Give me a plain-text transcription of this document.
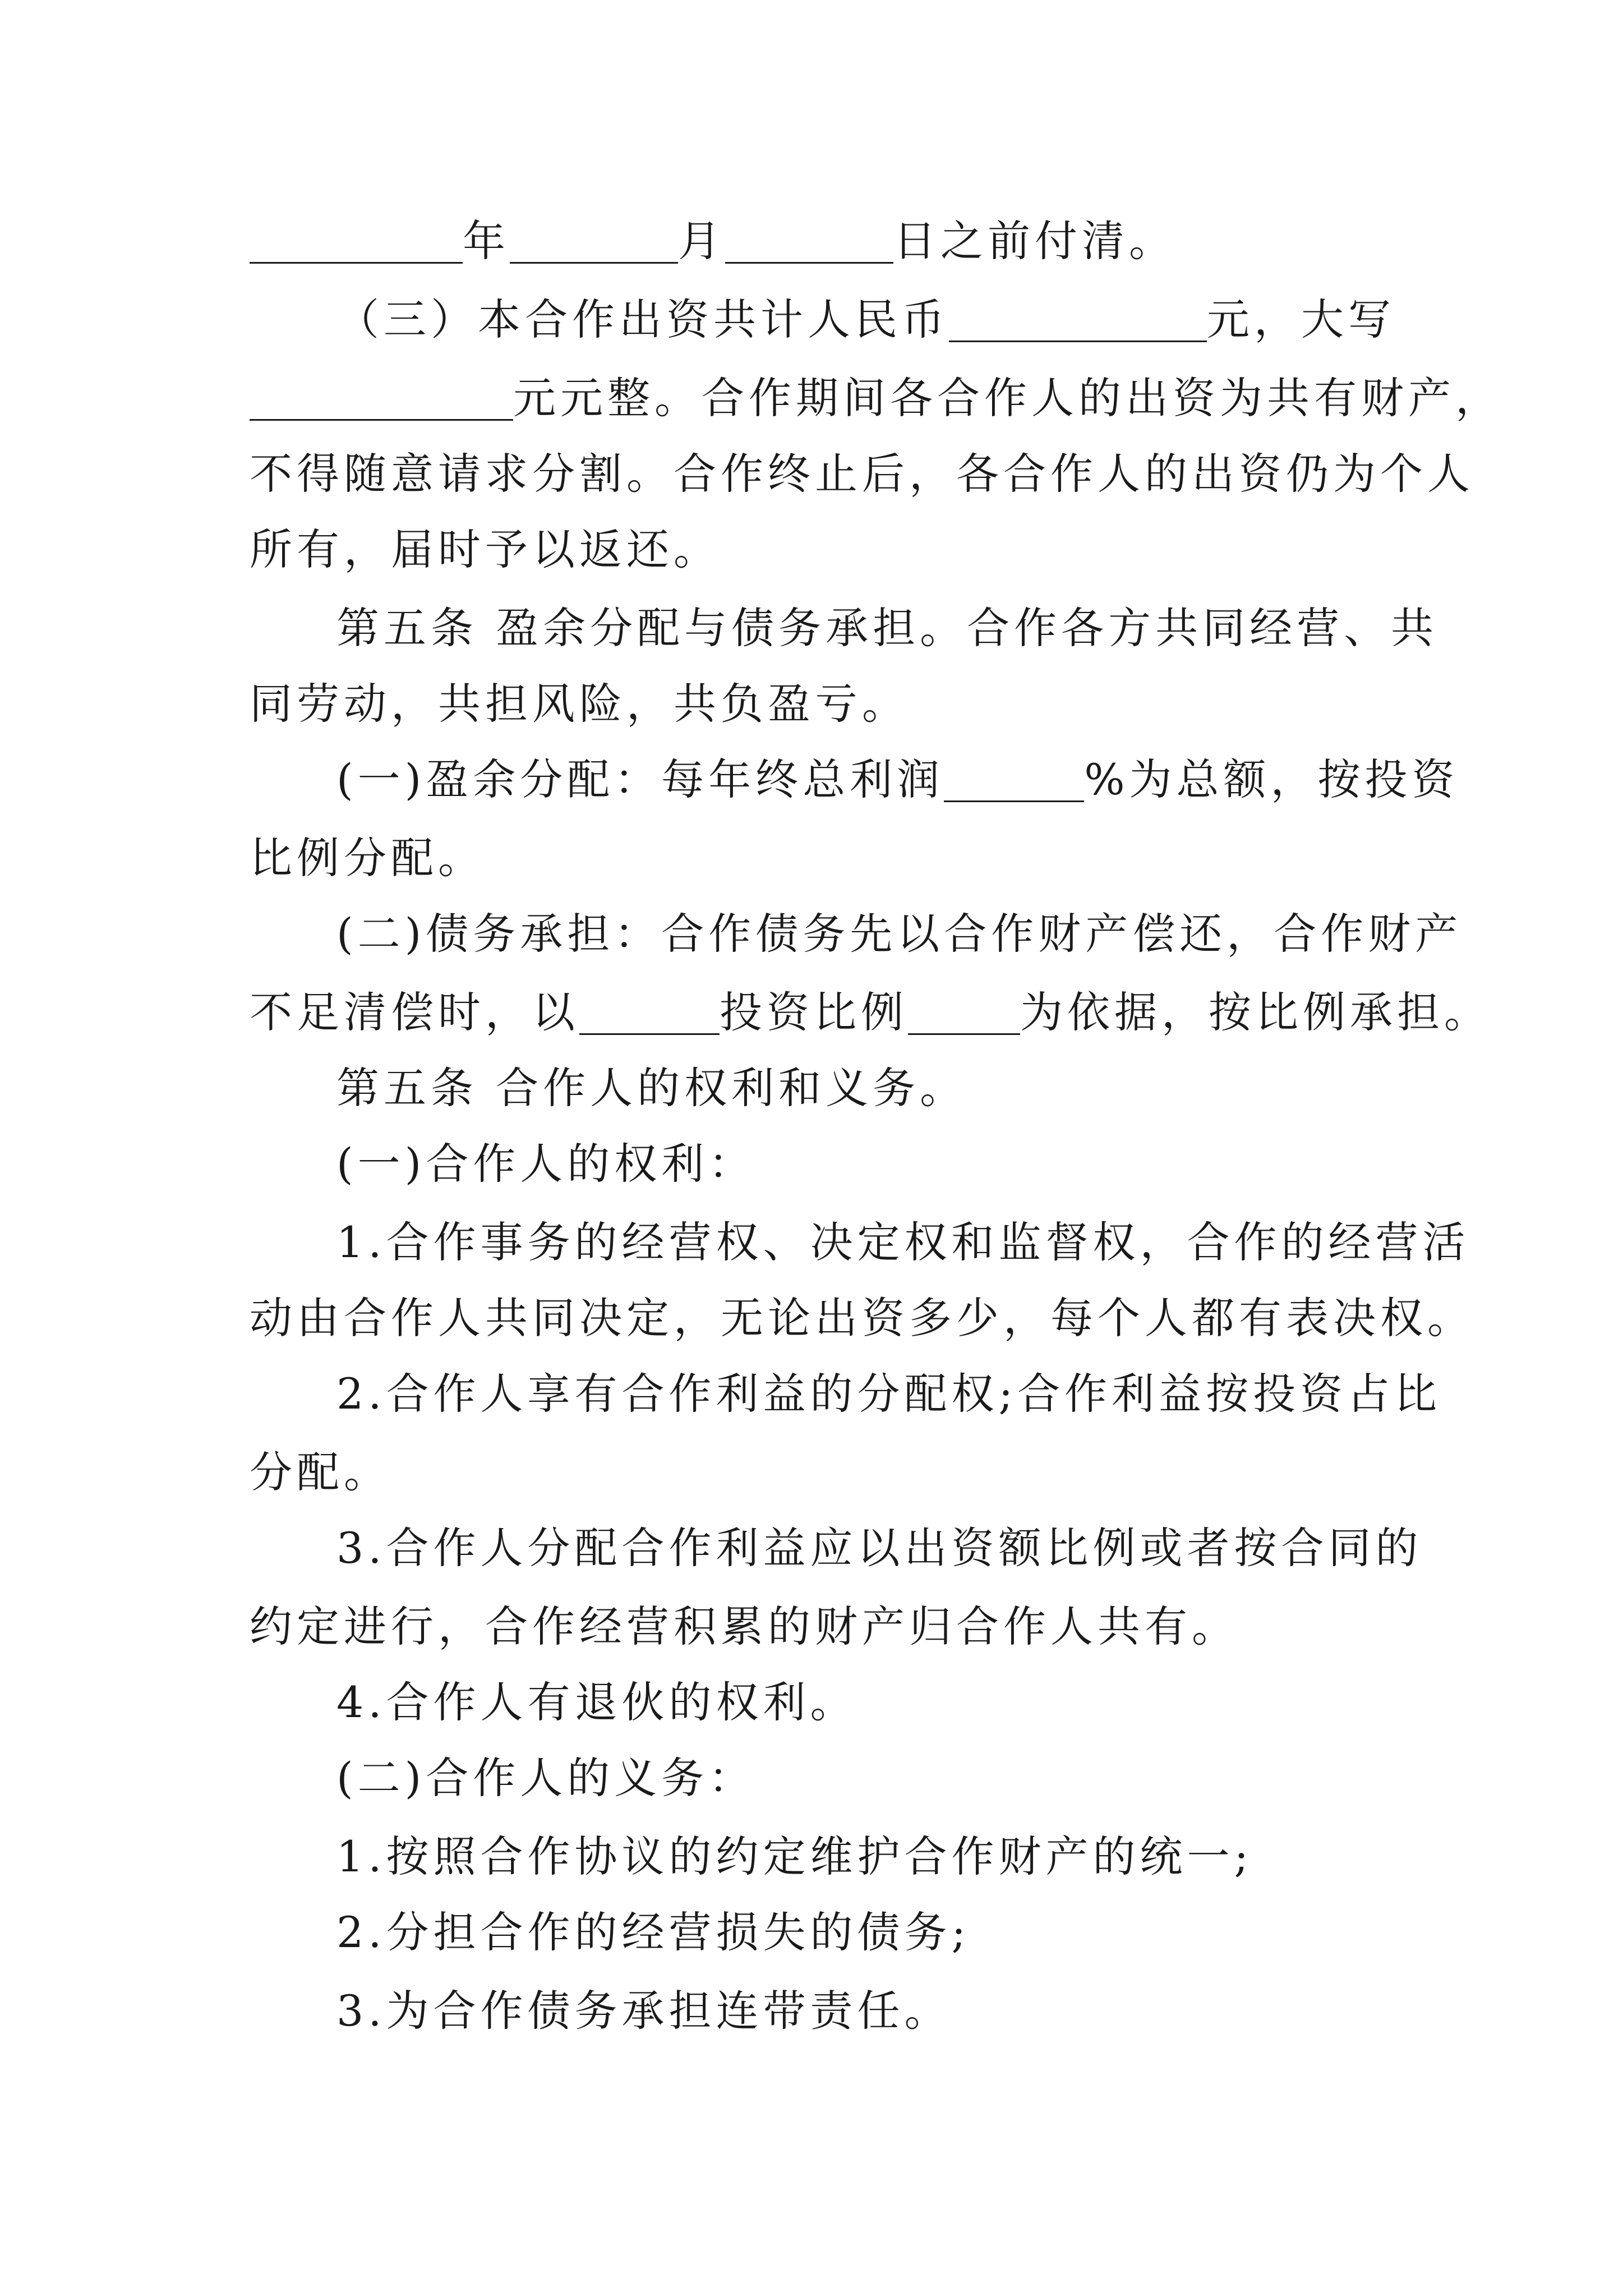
年	月	日之前付清。
（三）本合作出资共计人民币	元，大写
元元整。合作期间各合作人的出资为共有财产，
不得随意请求分割。合作终止后，各合作人的出资仍为个人
所有，届时予以返还。
第五条 盈余分配与债务承担。合作各方共同经营、共
同劳动，共担风险，共负盈亏。
(一)盈余分配：每年终总利润	%为总额，按投资
比例分配。
(二)债务承担：合作债务先以合作财产偿还，合作财产
不足清偿时，以	投资比例	为依据，按比例承担。
第五条 合作人的权利和义务。
(一)合作人的权利：
1.合作事务的经营权、决定权和监督权，合作的经营活
动由合作人共同决定，无论出资多少，每个人都有表决权。
2.合作人享有合作利益的分配权;合作利益按投资占比
分配。
3.合作人分配合作利益应以出资额比例或者按合同的
约定进行，合作经营积累的财产归合作人共有。
4.合作人有退伙的权利。
(二)合作人的义务：
1.按照合作协议的约定维护合作财产的统一;
2.分担合作的经营损失的债务;
3.为合作债务承担连带责任。
